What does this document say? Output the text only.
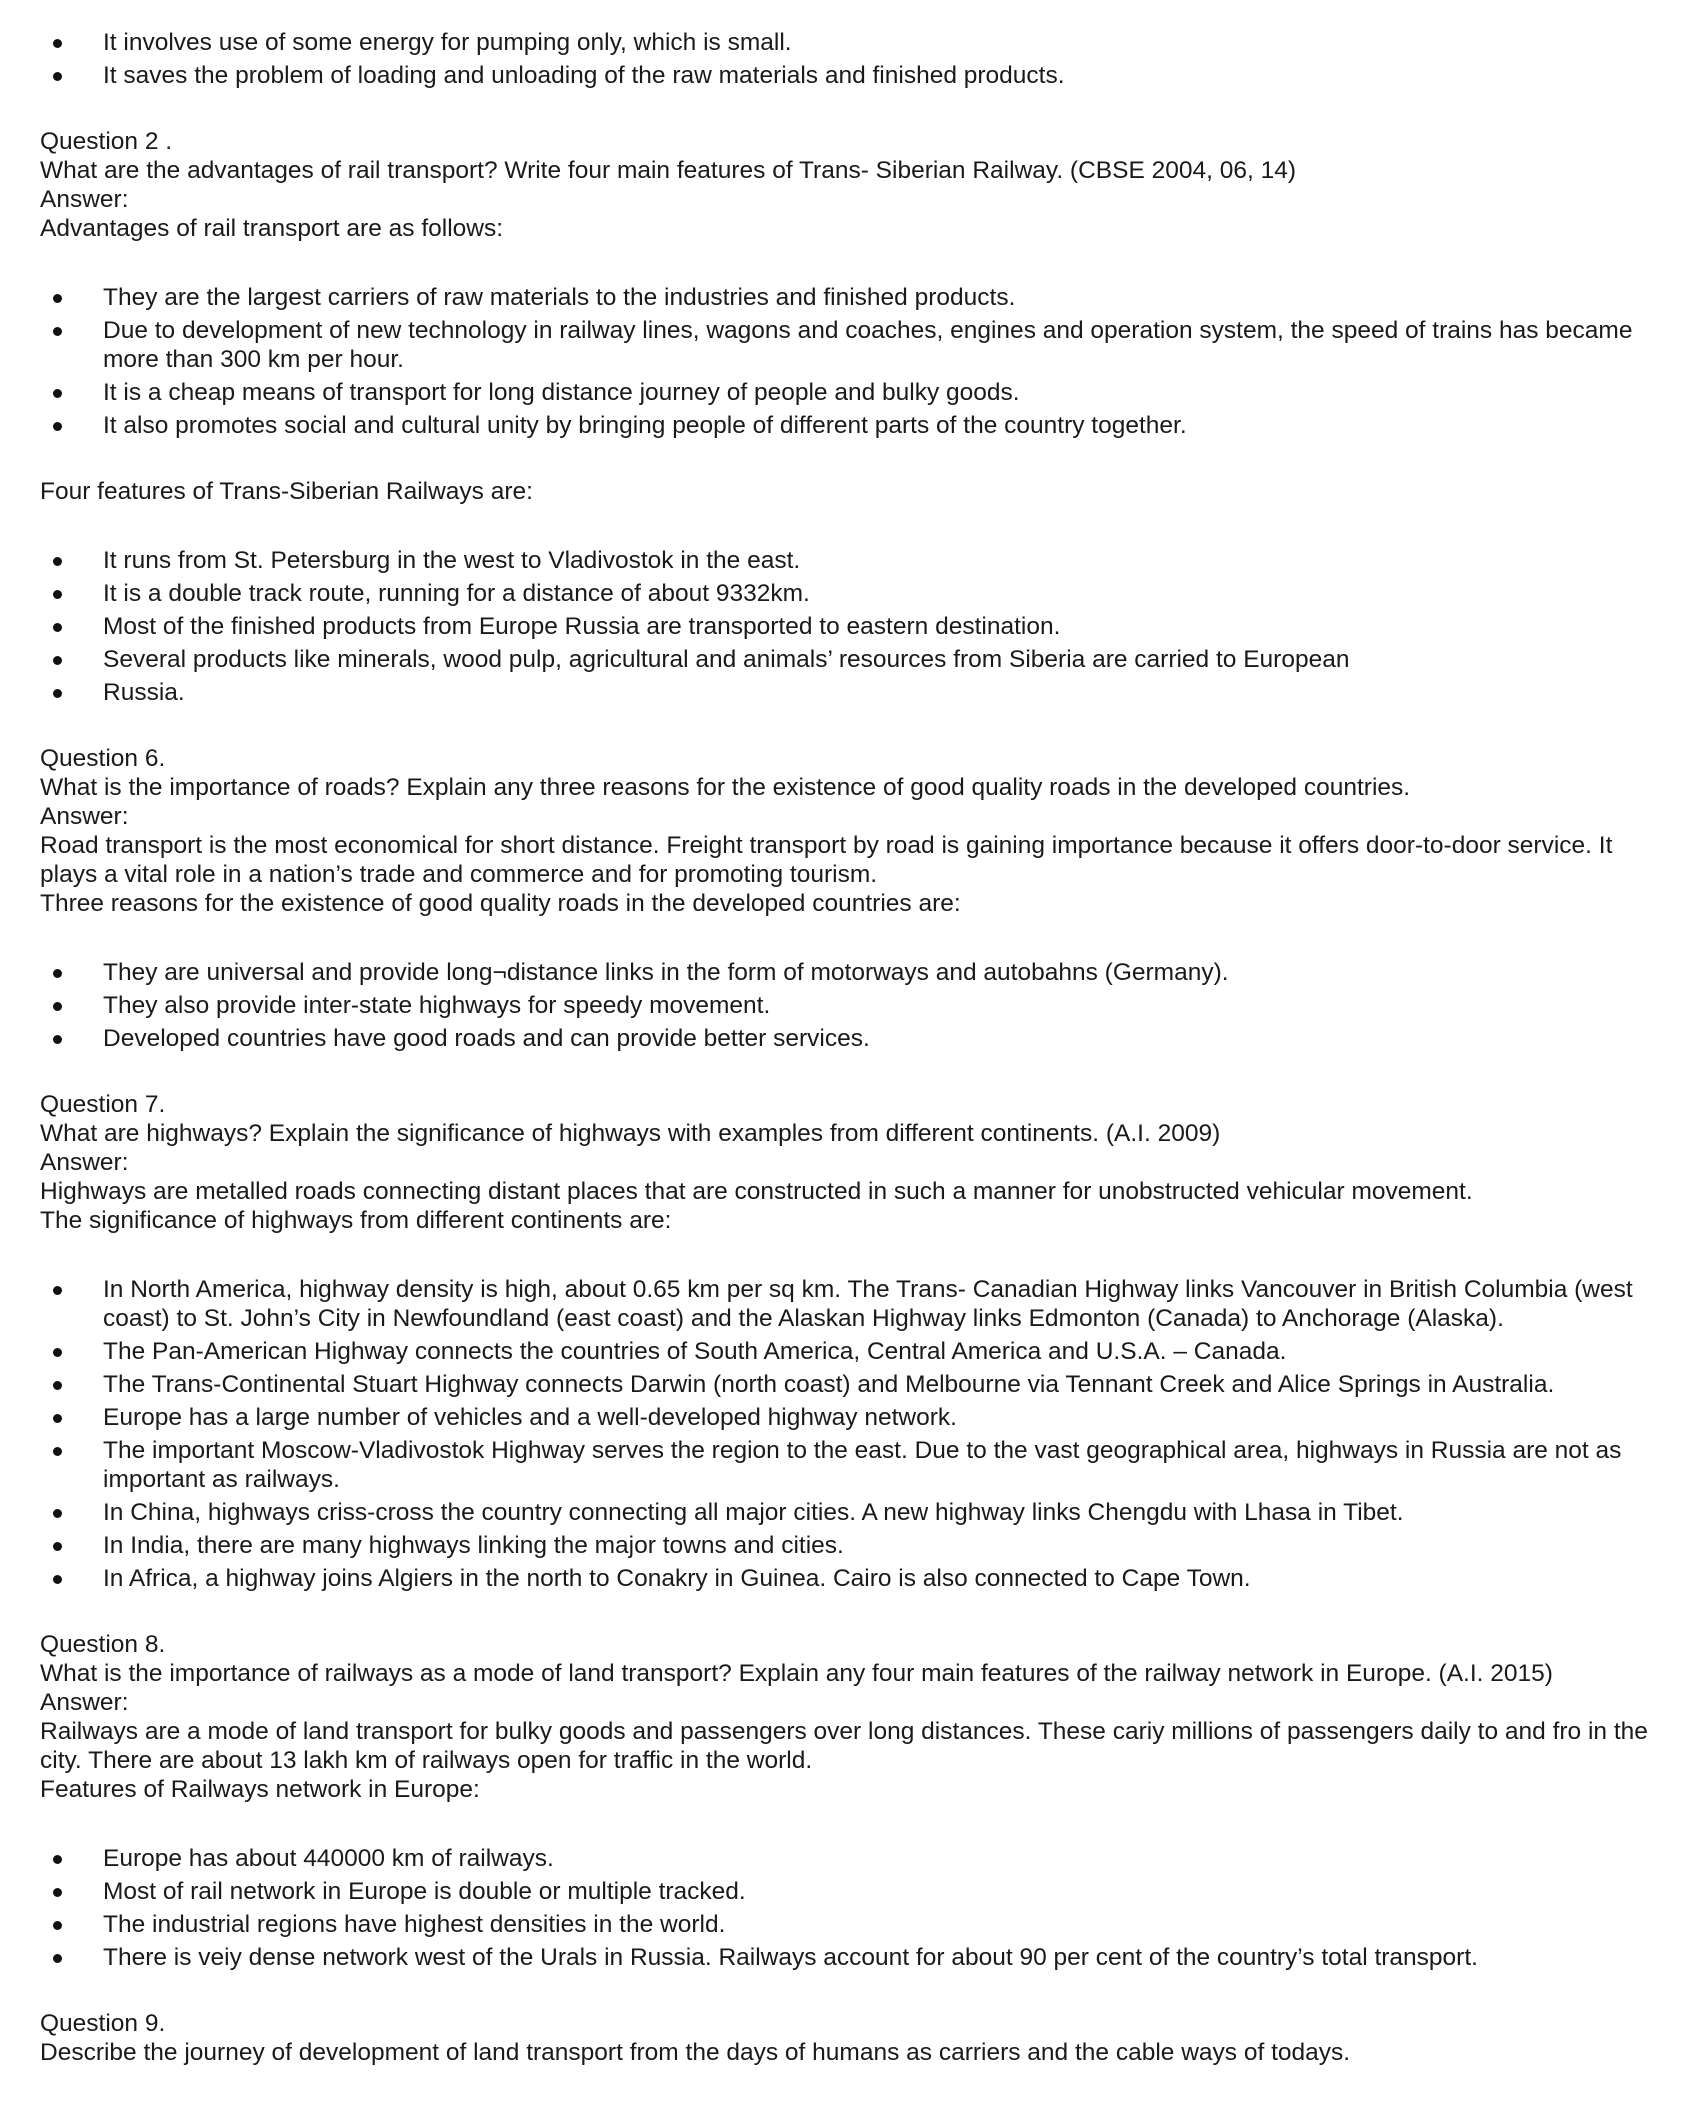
It involves use of some energy for pumping only, which is small.
It saves the problem of loading and unloading of the raw materials and finished products.

Question 2 .

What are the advantages of rail transport? Write four main features of Trans- Siberian Railway. (CBSE 2004, 06, 14)

Answer:

Advantages of rail transport are as follows:

They are the largest carriers of raw materials to the industries and finished products.
Due to development of new technology in railway lines, wagons and coaches, engines and operation system, the speed of trains has became more than 300 km per hour.
It is a cheap means of transport for long distance journey of people and bulky goods.
It also promotes social and cultural unity by bringing people of different parts of the country together.

Four features of Trans-Siberian Railways are:

It runs from St. Petersburg in the west to Vladivostok in the east.
It is a double track route, running for a distance of about 9332km.
Most of the finished products from Europe Russia are transported to eastern destination.
Several products like minerals, wood pulp, agricultural and animals’ resources from Siberia are carried to European
Russia.

Question 6.

What is the importance of roads? Explain any three reasons for the existence of good quality roads in the developed countries.

Answer:

Road transport is the most economical for short distance. Freight transport by road is gaining importance because it offers door-to-door service. It plays a vital role in a nation’s trade and commerce and for promoting tourism.

Three reasons for the existence of good quality roads in the developed countries are:

They are universal and provide long¬distance links in the form of motorways and autobahns (Germany).
They also provide inter-state highways for speedy movement.
Developed countries have good roads and can provide better services.

Question 7.

What are highways? Explain the significance of highways with examples from different continents. (A.I. 2009)

Answer:

Highways are metalled roads connecting distant places that are constructed in such a manner for unobstructed vehicular movement.

The significance of highways from different continents are:

In North America, highway density is high, about 0.65 km per sq km. The Trans- Canadian Highway links Vancouver in British Columbia (west coast) to St. John’s City in Newfoundland (east coast) and the Alaskan Highway links Edmonton (Canada) to Anchorage (Alaska).
The Pan-American Highway connects the countries of South America, Central America and U.S.A. – Canada.
The Trans-Continental Stuart Highway connects Darwin (north coast) and Melbourne via Tennant Creek and Alice Springs in Australia.
Europe has a large number of vehicles and a well-developed highway network.
The important Moscow-Vladivostok Highway serves the region to the east. Due to the vast geographical area, highways in Russia are not as important as railways.
In China, highways criss-cross the country connecting all major cities. A new highway links Chengdu with Lhasa in Tibet.
In India, there are many highways linking the major towns and cities.
In Africa, a highway joins Algiers in the north to Conakry in Guinea. Cairo is also connected to Cape Town.

Question 8.

What is the importance of railways as a mode of land transport? Explain any four main features of the railway network in Europe. (A.I. 2015)

Answer:

Railways are a mode of land transport for bulky goods and passengers over long distances. These cariy millions of passengers daily to and fro in the city. There are about 13 lakh km of railways open for traffic in the world.

Features of Railways network in Europe:

Europe has about 440000 km of railways.
Most of rail network in Europe is double or multiple tracked.
The industrial regions have highest densities in the world.
There is veiy dense network west of the Urals in Russia. Railways account for about 90 per cent of the country’s total transport.

Question 9.

Describe the journey of development of land transport from the days of humans as carriers and the cable ways of todays.
